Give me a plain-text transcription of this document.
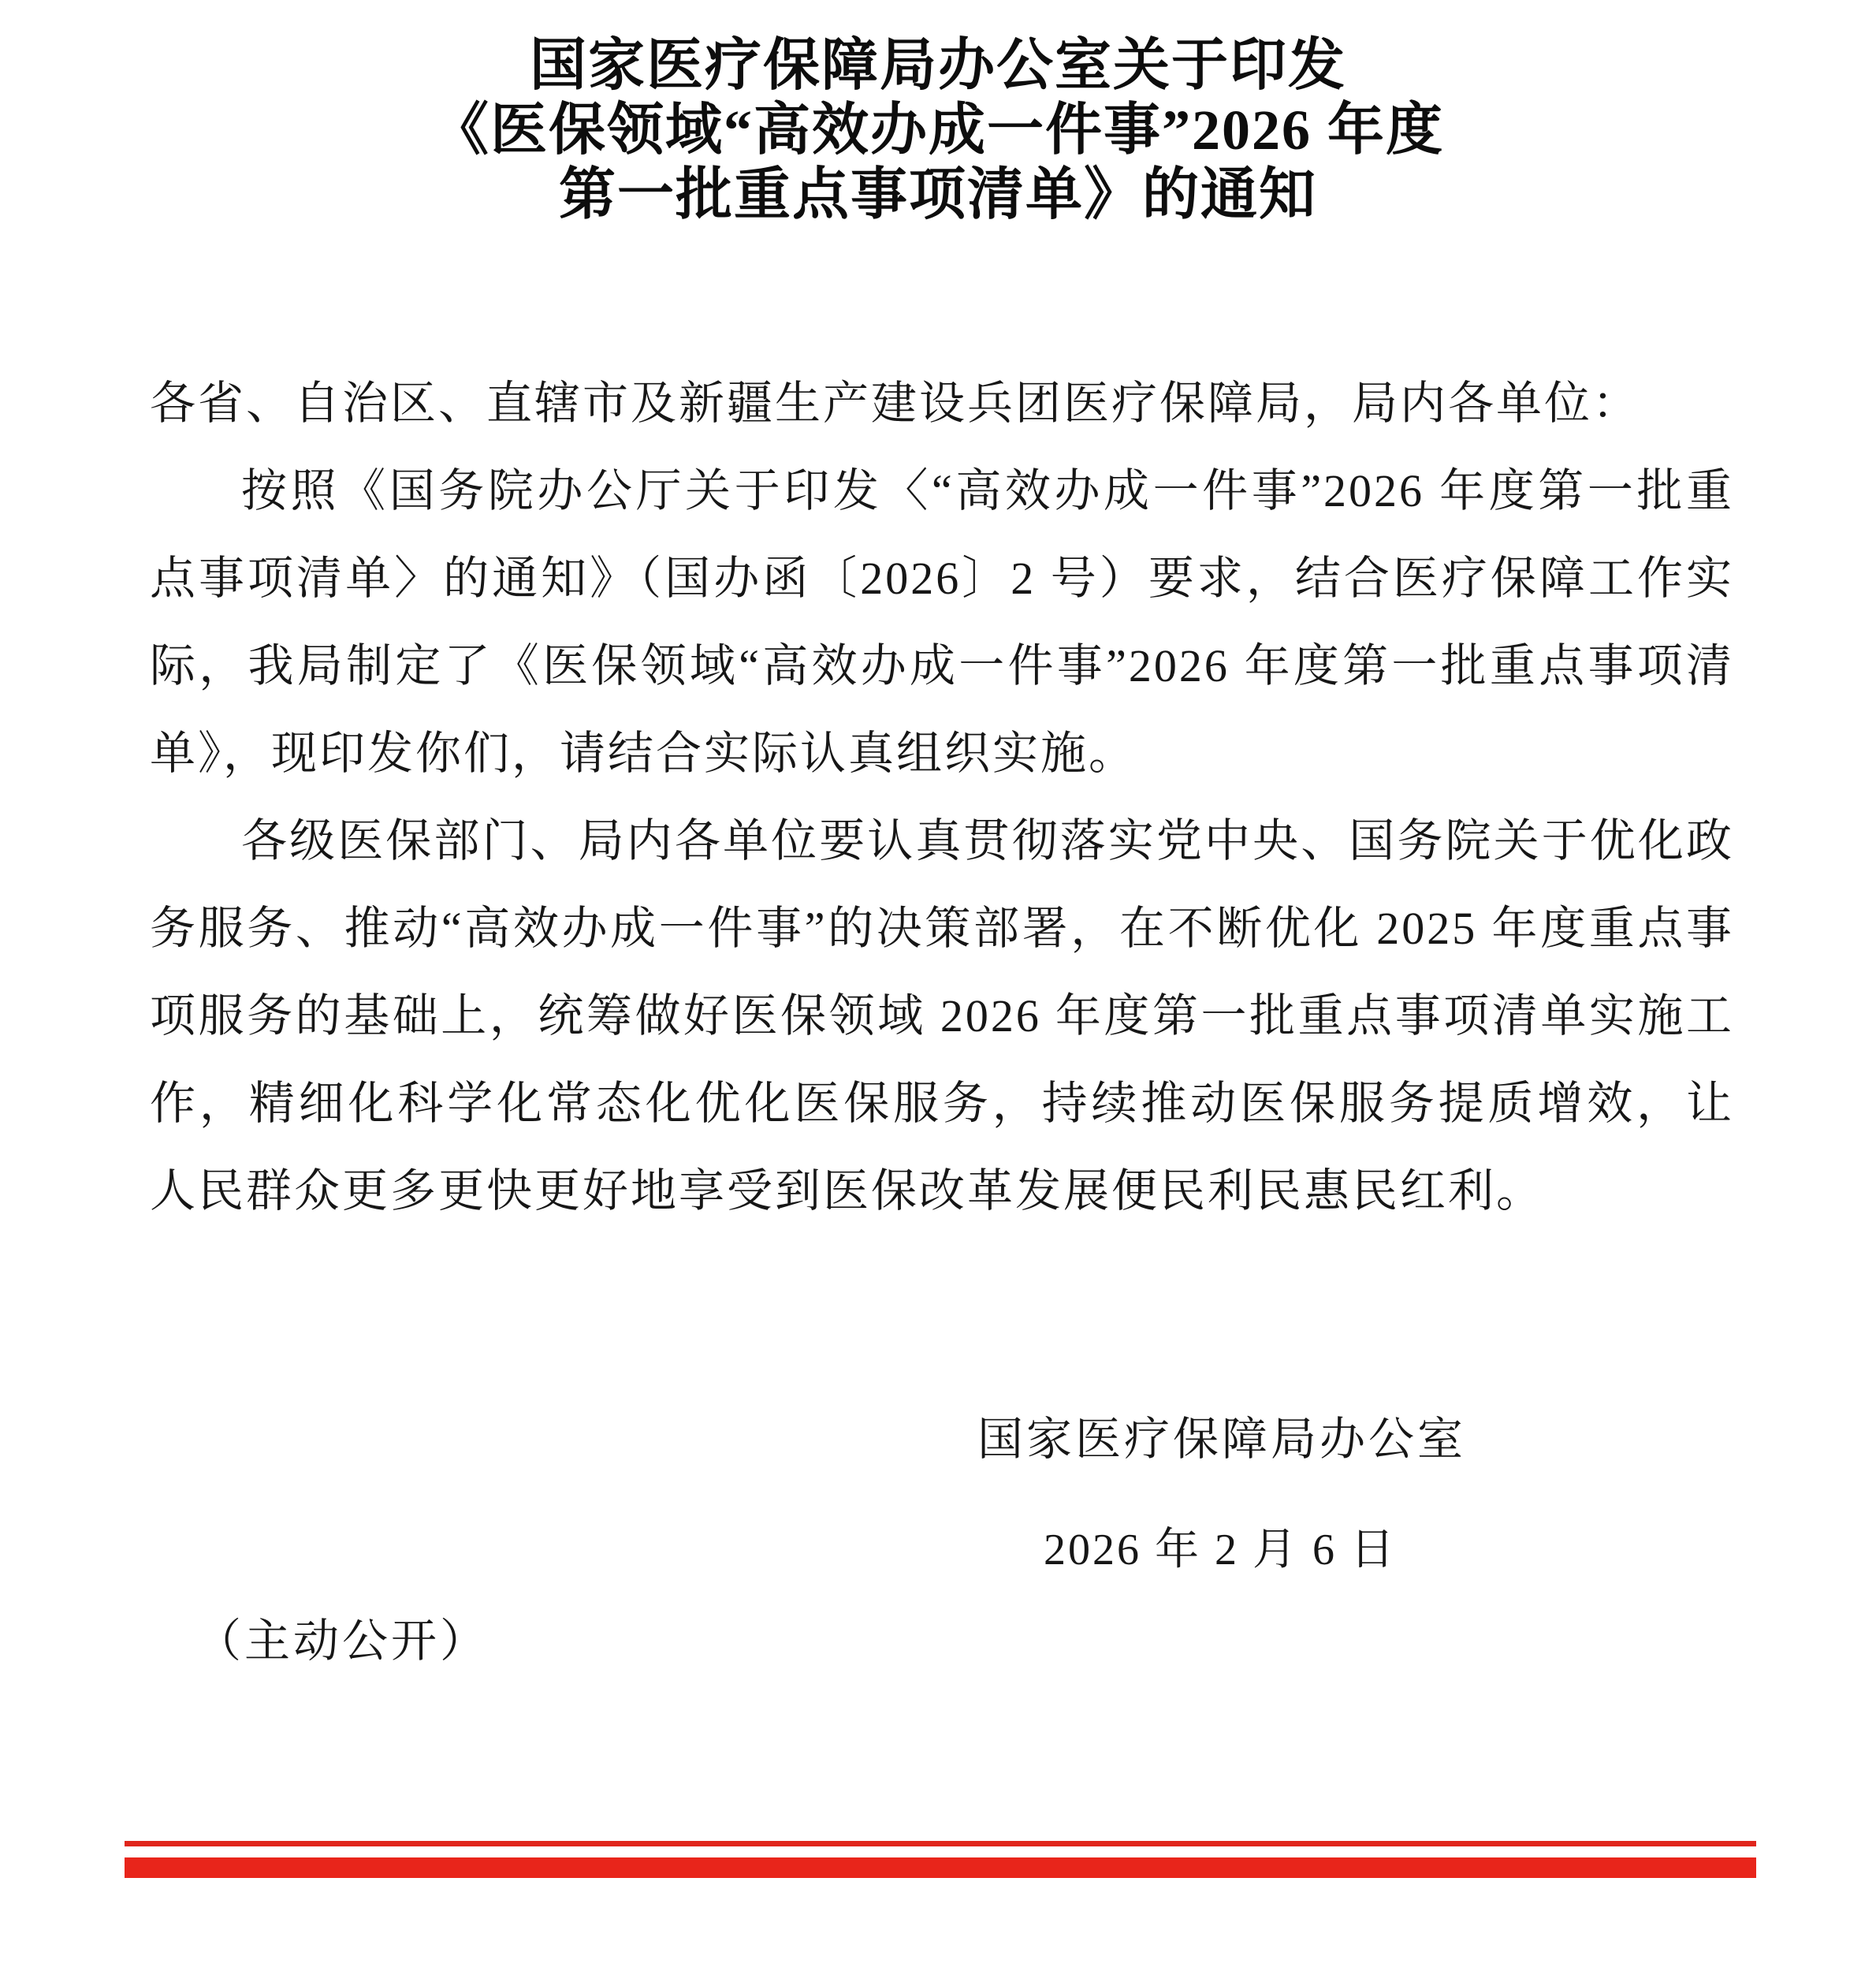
国家医疗保障局办公室关于印发
《医保领域“高效办成一件事”2026 年度
第一批重点事项清单》的通知
各省、自治区、直辖市及新疆生产建设兵团医疗保障局，局内各单位：
按照《国务院办公厅关于印发〈“高效办成一件事”2026 年度第一批重点事项清单〉的通知》（国办函〔2026〕2 号）要求，结合医疗保障工作实际，我局制定了《医保领域“高效办成一件事”2026 年度第一批重点事项清单》，现印发你们，请结合实际认真组织实施。
各级医保部门、局内各单位要认真贯彻落实党中央、国务院关于优化政务服务、推动“高效办成一件事”的决策部署，在不断优化 2025 年度重点事项服务的基础上，统筹做好医保领域 2026 年度第一批重点事项清单实施工作，精细化科学化常态化优化医保服务，持续推动医保服务提质增效，让人民群众更多更快更好地享受到医保改革发展便民利民惠民红利。
国家医疗保障局办公室
2026 年 2 月 6 日
（主动公开）
